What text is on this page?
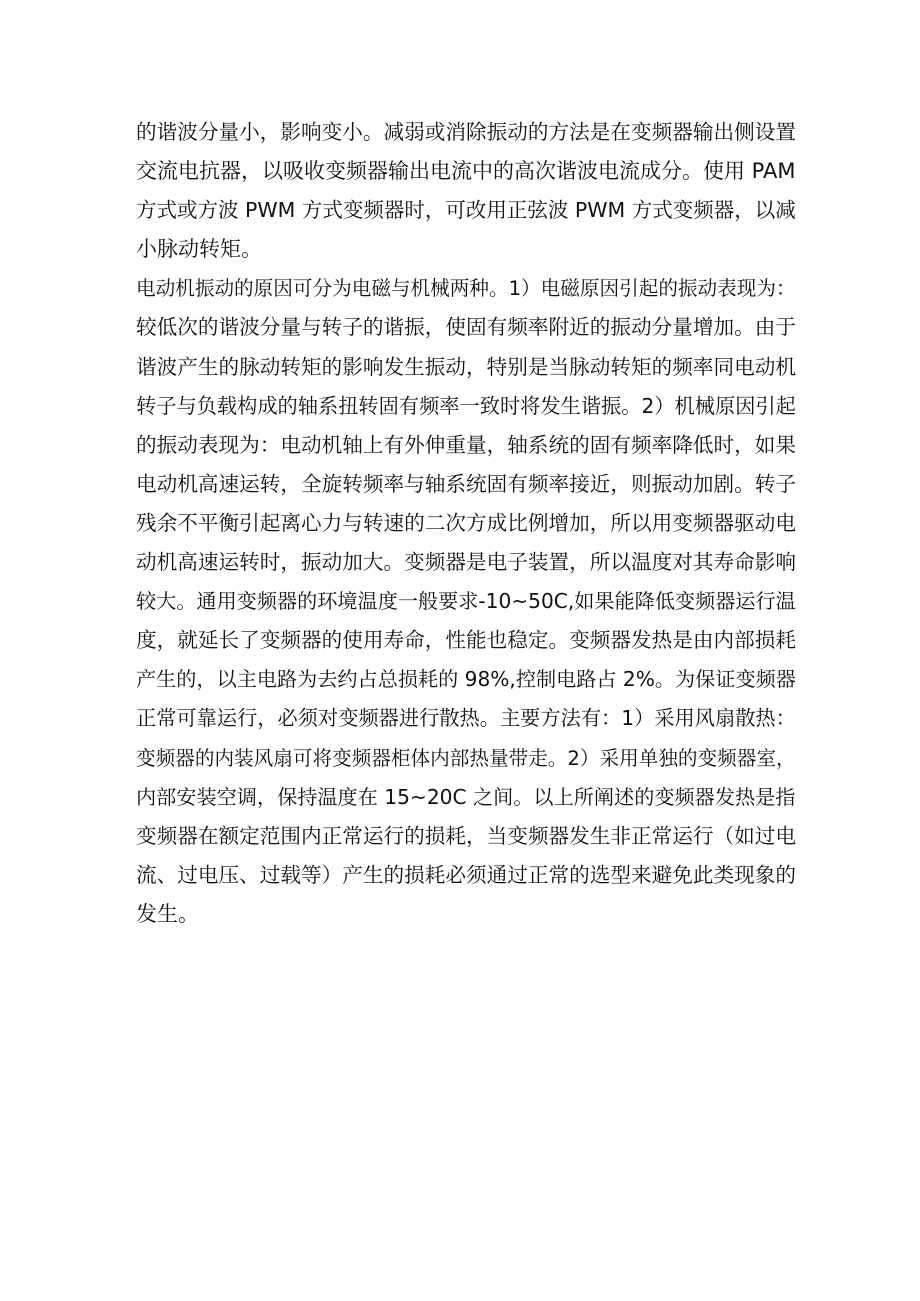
的谐波分量小，影响变小。减弱或消除振动的方法是在变频器输出侧设置
交流电抗器，以吸收变频器输出电流中的高次谐波电流成分。使用 PAM
方式或方波 PWM 方式变频器时，可改用正弦波 PWM 方式变频器，以减
小脉动转矩。
电动机振动的原因可分为电磁与机械两种。1）电磁原因引起的振动表现为：
较低次的谐波分量与转子的谐振，使固有频率附近的振动分量增加。由于
谐波产生的脉动转矩的影响发生振动，特别是当脉动转矩的频率同电动机
转子与负载构成的轴系扭转固有频率一致时将发生谐振。2）机械原因引起
的振动表现为：电动机轴上有外伸重量，轴系统的固有频率降低时，如果
电动机高速运转，全旋转频率与轴系统固有频率接近，则振动加剧。转子
残余不平衡引起离心力与转速的二次方成比例增加，所以用变频器驱动电
动机高速运转时，振动加大。变频器是电子装置，所以温度对其寿命影响
较大。通用变频器的环境温度一般要求-10~50C,如果能降低变频器运行温
度，就延长了变频器的使用寿命，性能也稳定。变频器发热是由内部损耗
产生的，以主电路为去约占总损耗的 98%,控制电路占 2%。为保证变频器
正常可靠运行，必须对变频器进行散热。主要方法有：1）采用风扇散热：
变频器的内装风扇可将变频器柜体内部热量带走。2）采用单独的变频器室，
内部安装空调，保持温度在 15~20C 之间。以上所阐述的变频器发热是指
变频器在额定范围内正常运行的损耗，当变频器发生非正常运行（如过电
流、过电压、过载等）产生的损耗必须通过正常的选型来避免此类现象的
发生。
